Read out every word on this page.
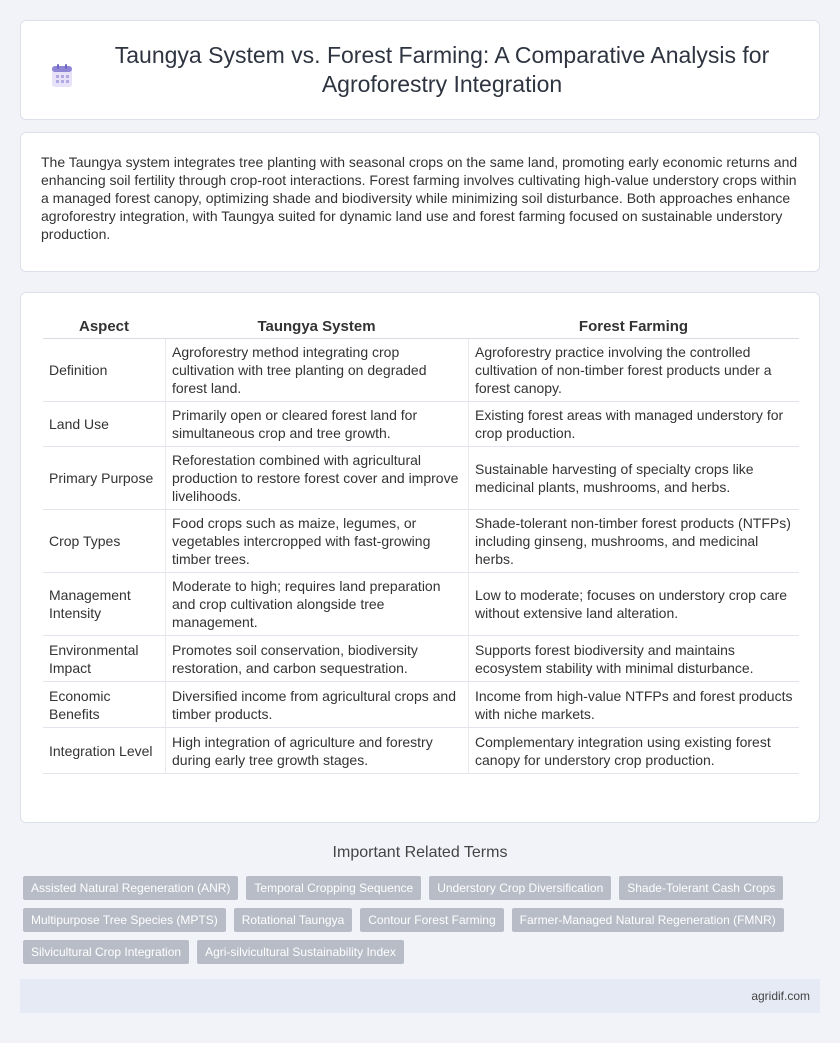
Taungya System vs. Forest Farming: A Comparative Analysis for Agroforestry Integration

The Taungya system integrates tree planting with seasonal crops on the same land, promoting early economic returns and enhancing soil fertility through crop-root interactions. Forest farming involves cultivating high-value understory crops within a managed forest canopy, optimizing shade and biodiversity while minimizing soil disturbance. Both approaches enhance agroforestry integration, with Taungya suited for dynamic land use and forest farming focused on sustainable understory production.

Aspect	Taungya System	Forest Farming
Definition	Agroforestry method integrating crop cultivation with tree planting on degraded forest land.	Agroforestry practice involving the controlled cultivation of non-timber forest products under a forest canopy.
Land Use	Primarily open or cleared forest land for simultaneous crop and tree growth.	Existing forest areas with managed understory for crop production.
Primary Purpose	Reforestation combined with agricultural production to restore forest cover and improve livelihoods.	Sustainable harvesting of specialty crops like medicinal plants, mushrooms, and herbs.
Crop Types	Food crops such as maize, legumes, or vegetables intercropped with fast-growing timber trees.	Shade-tolerant non-timber forest products (NTFPs) including ginseng, mushrooms, and medicinal herbs.
Management Intensity	Moderate to high; requires land preparation and crop cultivation alongside tree management.	Low to moderate; focuses on understory crop care without extensive land alteration.
Environmental Impact	Promotes soil conservation, biodiversity restoration, and carbon sequestration.	Supports forest biodiversity and maintains ecosystem stability with minimal disturbance.
Economic Benefits	Diversified income from agricultural crops and timber products.	Income from high-value NTFPs and forest products with niche markets.
Integration Level	High integration of agriculture and forestry during early tree growth stages.	Complementary integration using existing forest canopy for understory crop production.
Important Related Terms
Assisted Natural Regeneration (ANR)	Temporal Cropping Sequence	Understory Crop Diversification	Shade-Tolerant Cash Crops
Multipurpose Tree Species (MPTS)	Rotational Taungya	Contour Forest Farming	Farmer-Managed Natural Regeneration (FMNR)
Silvicultural Crop Integration	Agri-silvicultural Sustainability Index
agridif.com
